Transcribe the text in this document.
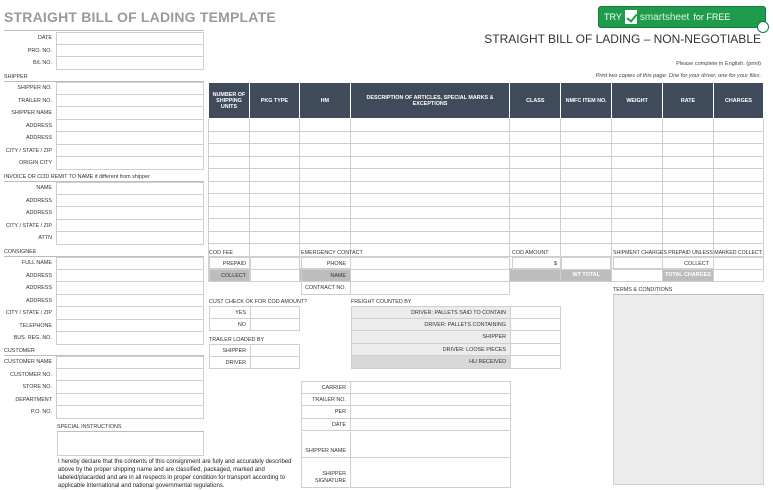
STRAIGHT BILL OF LADING TEMPLATE	TRY smartsheet for FREE
STRAIGHT BILL OF LADING – NON-NEGOTIABLE
Please complete in English. (print)
Print two copies of this page: One for your driver, one for your files.
DATE
PRO. NO.
B/L NO.
SHIPPER
SHIPPER NO.
TRAILER NO.
SHIPPER NAME
ADDRESS
ADDRESS
CITY / STATE / ZIP
ORIGIN CITY
INVOICE OR COD REMIT TO NAME if different from shipper
NAME
ADDRESS
ADDRESS
CITY / STATE / ZIP
ATTN
CONSIGNEE
FULL NAME
ADDRESS
ADDRESS
ADDRESS
CITY / STATE / ZIP
TELEPHONE
BUS. REG. NO.
CUSTOMER
CUSTOMER NAME
CUSTOMER NO.
STORE NO.
DEPARTMENT
P.O. NO.
SPECIAL INSTRUCTIONS
I hereby declare that the contents of this consignment are fully and accurately described above by the proper shipping name and are classified, packaged, marked and labeled/placarded and are in all respects in proper condition for transport according to applicable international and national governmental regulations.
NUMBER OF SHIPPING UNITS	PKG TYPE	HM	DESCRIPTION OF ARTICLES, SPECIAL MARKS & EXCEPTIONS	CLASS	NMFC ITEM NO.	WEIGHT	RATE	CHARGES

					WT TOTAL		TOTAL CHARGES	
COD FEE
PREPAID
COLLECT
EMERGENCY CONTACT
PHONE
NAME
CONTRACT NO.
COD AMOUNT
$
SHIPMENT CHARGES PREPAID UNLESS MARKED COLLECT:
COLLECT
TERMS & CONDITIONS
CUST CHECK OK FOR COD AMOUNT?
YES
NO
FREIGHT COUNTED BY
DRIVER: PALLETS SAID TO CONTAIN
DRIVER: PALLETS CONTAINING
SHIPPER
DRIVER: LOOSE PIECES
HU RECEIVED
TRAILER LOADED BY
SHIPPER
DRIVER
CARRIER
TRAILER NO.
PER
DATE
SHIPPER NAME
SHIPPER
SIGNATURE
